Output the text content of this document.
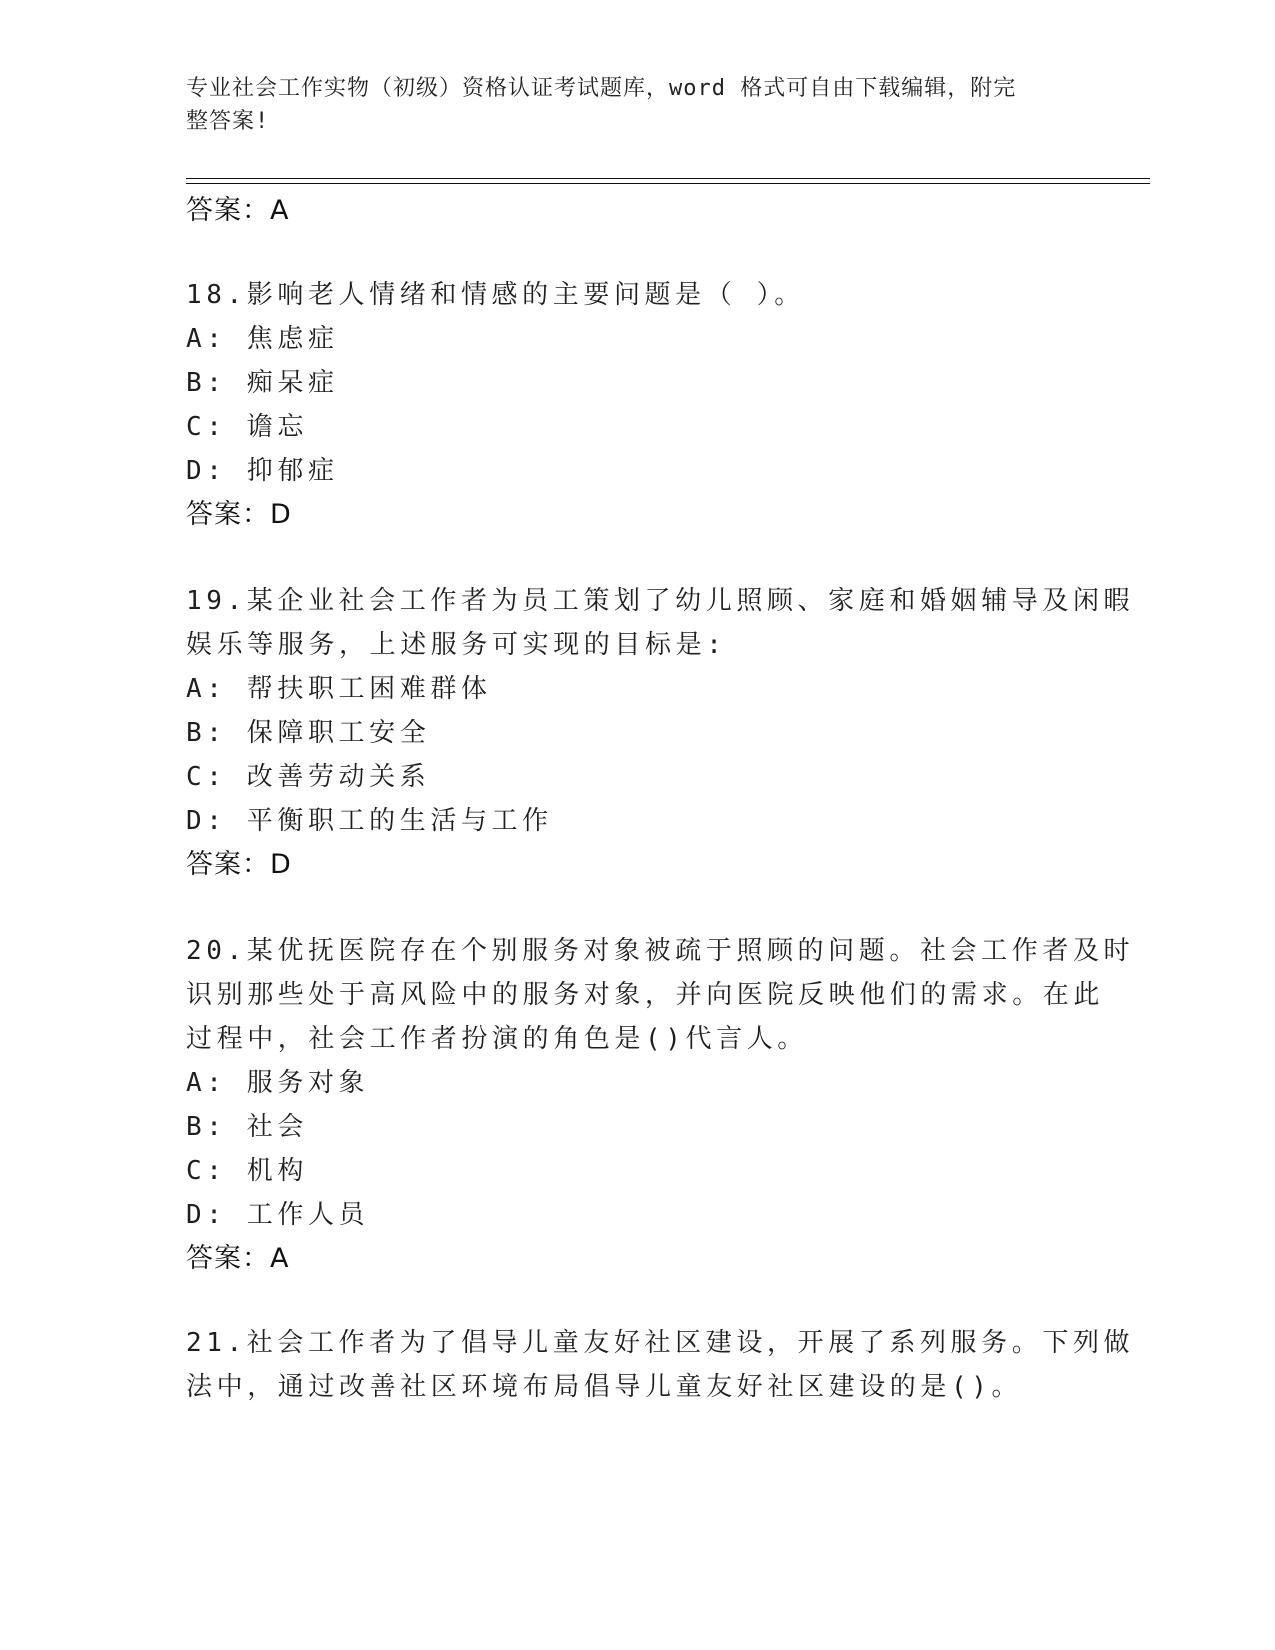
专业社会工作实物（初级）资格认证考试题库，word 格式可自由下载编辑，附完
整答案!
答案：A
18.影响老人情绪和情感的主要问题是（ ）。
A: 焦虑症
B: 痴呆症
C: 谵忘
D: 抑郁症
答案：D
19.某企业社会工作者为员工策划了幼儿照顾、家庭和婚姻辅导及闲暇
娱乐等服务，上述服务可实现的目标是:
A: 帮扶职工困难群体
B: 保障职工安全
C: 改善劳动关系
D: 平衡职工的生活与工作
答案：D
20.某优抚医院存在个别服务对象被疏于照顾的问题。社会工作者及时
识别那些处于高风险中的服务对象，并向医院反映他们的需求。在此
过程中，社会工作者扮演的角色是()代言人。
A: 服务对象
B: 社会
C: 机构
D: 工作人员
答案：A
21.社会工作者为了倡导儿童友好社区建设，开展了系列服务。下列做
法中，通过改善社区环境布局倡导儿童友好社区建设的是()。
